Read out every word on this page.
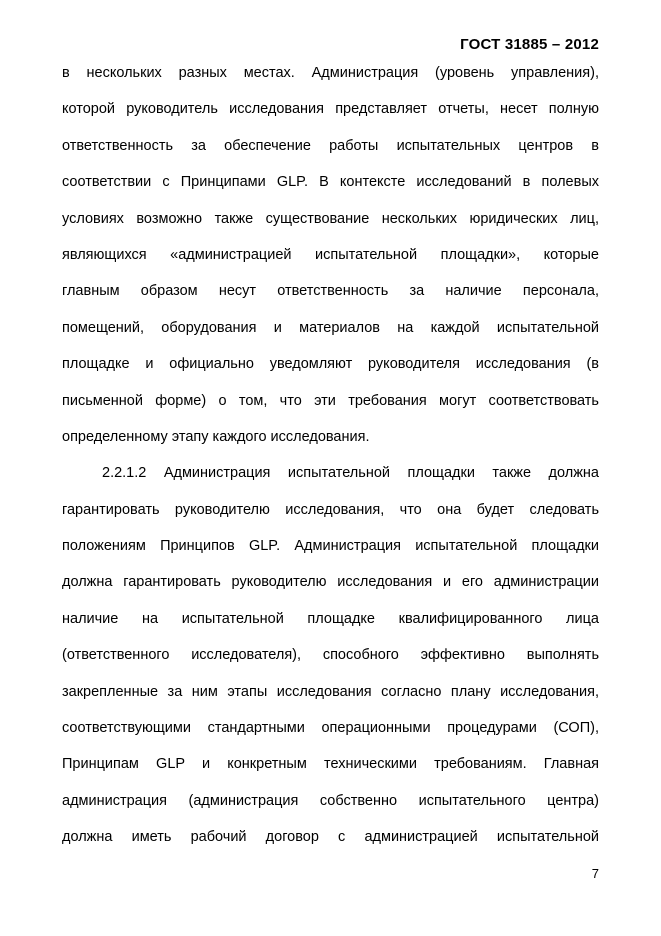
ГОСТ 31885 – 2012
в нескольких разных местах. Администрация (уровень управления),
которой руководитель исследования представляет отчеты, несет полную
ответственность за обеспечение работы испытательных центров в
соответствии с Принципами GLP. В контексте исследований в полевых
условиях возможно также существование нескольких юридических лиц,
являющихся «администрацией испытательной площадки», которые
главным образом несут ответственность за наличие персонала,
помещений, оборудования и материалов на каждой испытательной
площадке и официально уведомляют руководителя исследования (в
письменной форме) о том, что эти требования могут соответствовать
определенному этапу каждого исследования.
2.2.1.2 Администрация испытательной площадки также должна
гарантировать руководителю исследования, что она будет следовать
положениям Принципов GLP. Администрация испытательной площадки
должна гарантировать руководителю исследования и его администрации
наличие на испытательной площадке квалифицированного лица
(ответственного исследователя), способного эффективно выполнять
закрепленные за ним этапы исследования согласно плану исследования,
соответствующими стандартными операционными процедурами (СОП),
Принципам GLP и конкретным техническими требованиям. Главная
администрация (администрация собственно испытательного центра)
должна иметь рабочий договор с администрацией испытательной
7
